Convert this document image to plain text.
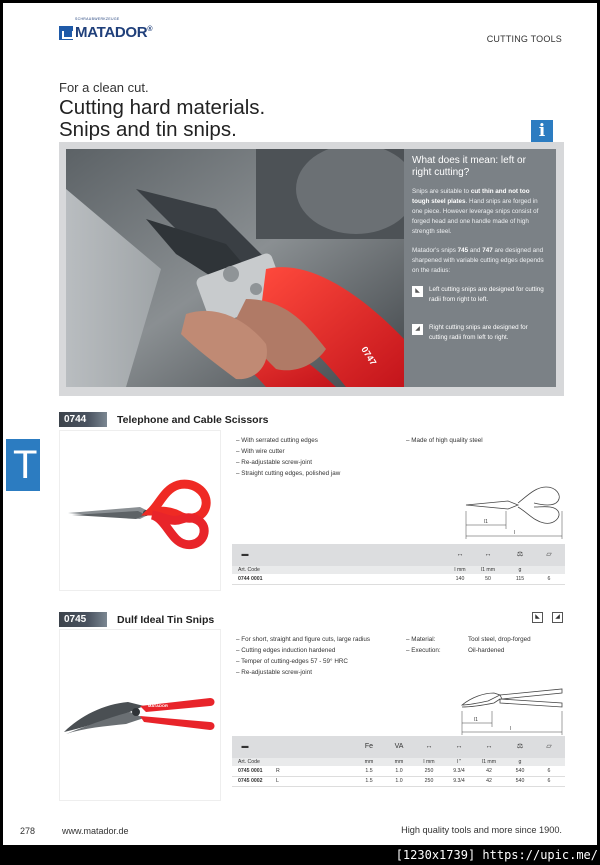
MATADOR ®
SCHRAUBWERKZEUGE
CUTTING TOOLS
For a clean cut.
Cutting hard materials.
Snips and tin snips.	i
0747
What does it mean: left or right cutting?

Snips are suitable to cut thin and not too tough steel plates. Hand snips are forged in one piece. However leverage snips consist of forged head and one handle made of high strength steel.

Matador's snips 745 and 747 are designed and sharpened with variable cutting edges depends on the radius:

◣	Left cutting snips are designed for cutting radii from right to left.
◢	Right cutting snips are designed for cutting radii from left to right.
T
0744	Telephone and Cable Scissors
– With serrated cutting edges
– With wire cutter
– Re-adjustable screw-joint
– Straight cutting edges, polished jaw
– Made of high quality steel
l1
l
▬	↔	↔	⚖	▱
Art. Code	l mm	l1 mm	g
0744 0001	140	50	115	6
0745	Dulf Ideal Tin Snips	◣	◢
MATADOR
– For short, straight and figure cuts, large radius
– Cutting edges induction hardened
– Temper of cutting-edges 57 - 59° HRC
– Re-adjustable screw-joint
– Material:	Tool steel, drop-forged
– Execution:	Oil-hardened
l1
l
▬	Fe	VA	↔	↔	↔	⚖	▱
Art. Code	mm	mm	l mm	l "	l1 mm	g
0745 0001	R	1.5	1.0	250	9.3/4	42	540	6
0745 0002	L	1.5	1.0	250	9.3/4	42	540	6
278	www.matador.de	High quality tools and more since 1900.
[1230x1739] https://upic.me/
